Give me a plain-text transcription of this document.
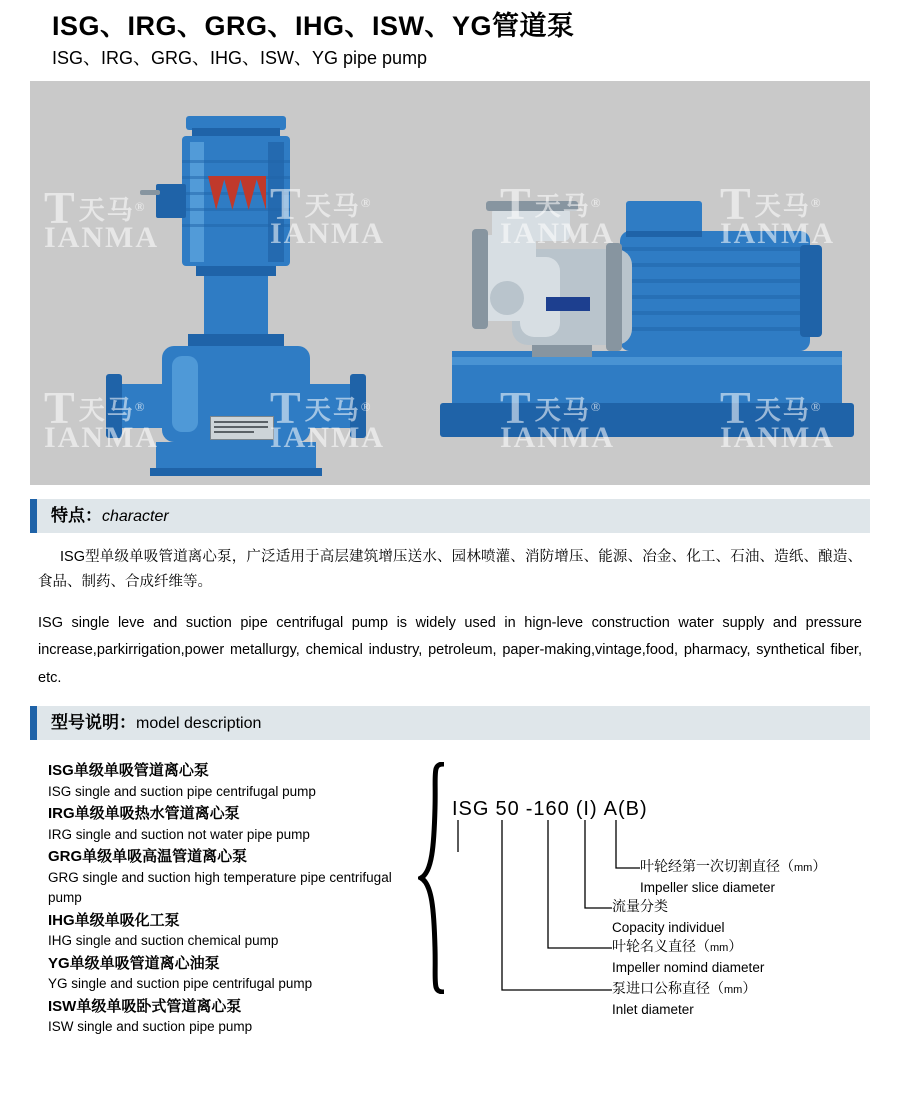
ISG、IRG、GRG、IHG、ISW、YG管道泵
ISG、IRG、GRG、IHG、ISW、YG pipe pump
T天马®
IANMA
T天马®
IANMA
T天马®
IANMA
T天马®
IANMA
T天马®
IANMA
T天马®
IANMA
T天马®
IANMA
T天马®
IANMA
特点：character
ISG型单级单吸管道离心泵，广泛适用于高层建筑增压送水、园林喷灌、消防增压、能源、冶金、化工、石油、造纸、酿造、食品、制药、合成纤维等。
ISG single leve and suction pipe centrifugal pump is widely used in hign-leve construction water supply and pressure increase,parkirrigation,power metallurgy, chemical industry, petroleum, paper-making,vintage,food, pharmacy, synthetical fiber, etc.
型号说明：model description
ISG单级单吸管道离心泵
ISG single and suction pipe centrifugal pump
IRG单级单吸热水管道离心泵
IRG single and suction not water pipe pump
GRG单级单吸高温管道离心泵
GRG single and suction high temperature pipe centrifugal pump
IHG单级单吸化工泵
IHG single and suction chemical pump
YG单级单吸管道离心油泵
YG single and suction pipe centrifugal pump
ISW单级单吸卧式管道离心泵
ISW single and suction pipe pump
ISG 50 -160 (I) A(B)
叶轮经第一次切割直径（mm）
Impeller slice diameter
流量分类
Copacity individuel
叶轮名义直径（mm）
Impeller nomind diameter
泵进口公称直径（mm）
Inlet diameter
